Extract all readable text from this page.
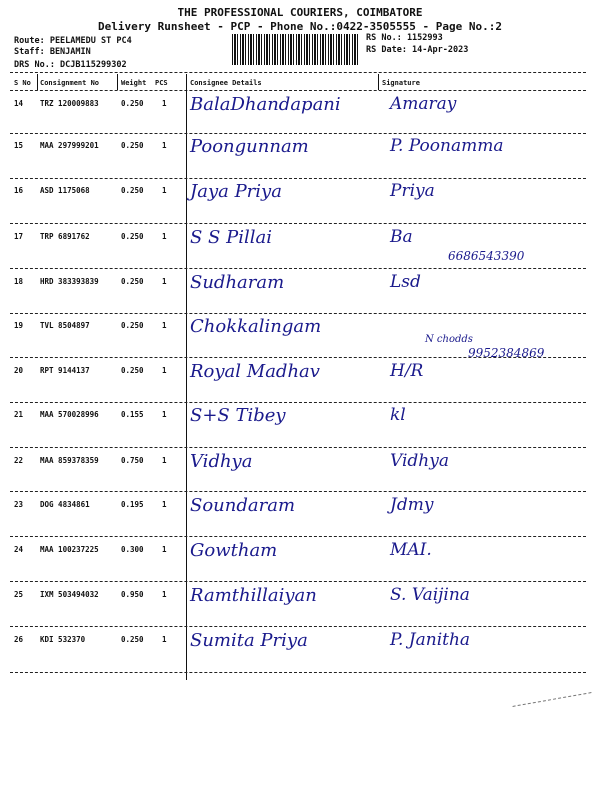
THE PROFESSIONAL COURIERS, COIMBATORE
Delivery Runsheet - PCP - Phone No.:0422-3505555 - Page No.:2
Route: PEELAMEDU ST PC4
Staff: BENJAMIN
DRS No.: DCJB115299302
RS No.: 1152993
RS Date: 14-Apr-2023
S No Consignment No	Weight PCS	Consignee Details	Signature
14 TRZ 120009883	0.250 1 BalaDhandapani	Amaray
15 MAA 297999201	0.250 1 Poongunnam	P. Poonamma
16 ASD 1175068	0.250 1 Jaya Priya	Priya
17 TRP 6891762	0.250 1 S S Pillai	Ba
6686543390
18 HRD 383393839	0.250 1 Sudharam	Lsd
19 TVL 8504897	0.250 1 Chokkalingam
N chodds
9952384869
20 RPT 9144137	0.250 1 Royal Madhav	H/R
21 MAA 570028996	0.155 1 S+S Tibey	kl
22 MAA 859378359	0.750 1 Vidhya	Vidhya
23 DOG 4834861	0.195 1 Soundaram	Jdmy
24 MAA 100237225	0.300 1 Gowtham	MAI.
25 IXM 503494032	0.950 1 Ramthillaiyan	S. Vaijina
26 KDI 532370	0.250 1 Sumita Priya	P. Janitha
